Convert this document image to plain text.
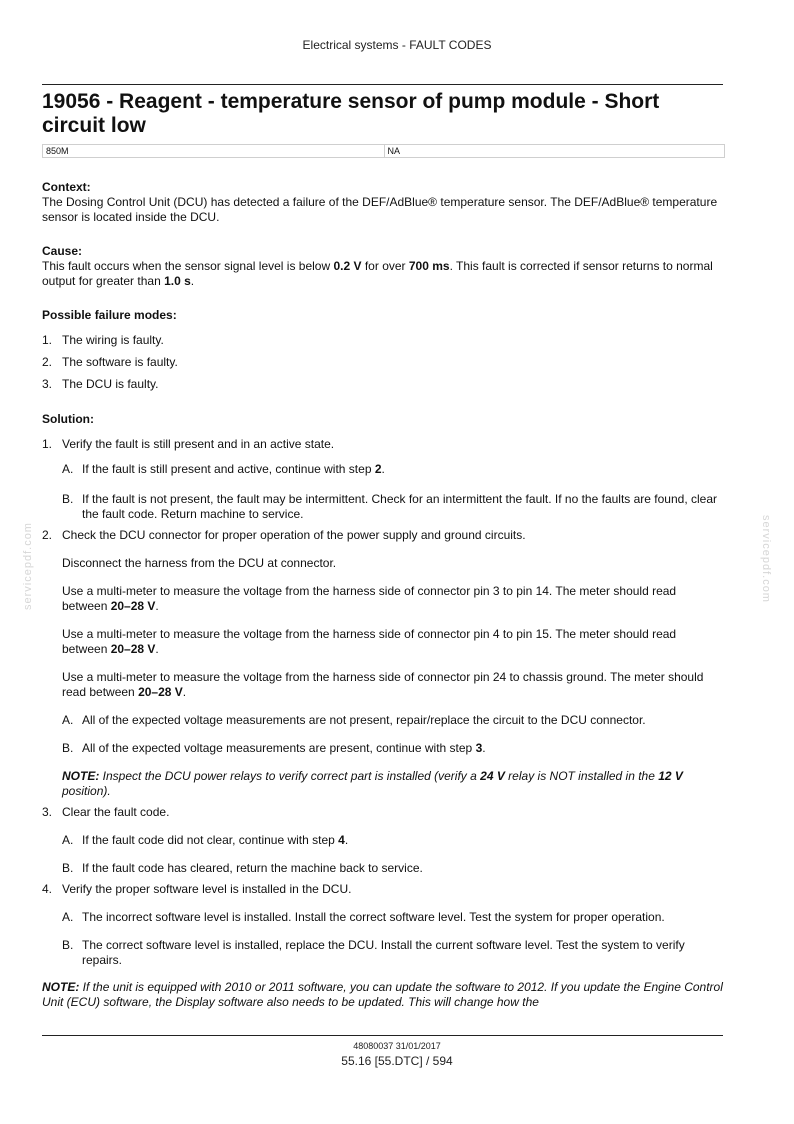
Electrical systems - FAULT CODES
19056 - Reagent - temperature sensor of pump module - Short circuit low
850M	NA
Context:

The Dosing Control Unit (DCU) has detected a failure of the DEF/AdBlue® temperature sensor. The DEF/AdBlue® temperature sensor is located inside the DCU.

Cause:

This fault occurs when the sensor signal level is below 0.2 V for over 700 ms. This fault is corrected if sensor returns to normal output for greater than 1.0 s.

Possible failure modes:
1. The wiring is faulty.
2. The software is faulty.
3. The DCU is faulty.
Solution:
1. Verify the fault is still present and in an active state.

A. If the fault is still present and active, continue with step 2.
B. If the fault is not present, the fault may be intermittent. Check for an intermittent the fault. If no the faults are found, clear the fault code. Return machine to service.
2. Check the DCU connector for proper operation of the power supply and ground circuits.

Disconnect the harness from the DCU at connector.

Use a multi-meter to measure the voltage from the harness side of connector pin 3 to pin 14. The meter should read between 20–28 V.

Use a multi-meter to measure the voltage from the harness side of connector pin 4 to pin 15. The meter should read between 20–28 V.

Use a multi-meter to measure the voltage from the harness side of connector pin 24 to chassis ground. The meter should read between 20–28 V.

A. All of the expected voltage measurements are not present, repair/replace the circuit to the DCU connector.
B. All of the expected voltage measurements are present, continue with step 3.

NOTE: Inspect the DCU power relays to verify correct part is installed (verify a 24 V relay is NOT installed in the 12 V position).

3. Clear the fault code.

A. If the fault code did not clear, continue with step 4.
B. If the fault code has cleared, return the machine back to service.
4. Verify the proper software level is installed in the DCU.

A. The incorrect software level is installed. Install the correct software level. Test the system for proper operation.
B. The correct software level is installed, replace the DCU. Install the current software level. Test the system to verify repairs.

NOTE: If the unit is equipped with 2010 or 2011 software, you can update the software to 2012. If you update the Engine Control Unit (ECU) software, the Display software also needs to be updated. This will change how the

servicepdf.com	servicepdf.com
48080037 31/01/2017
55.16 [55.DTC] / 594
